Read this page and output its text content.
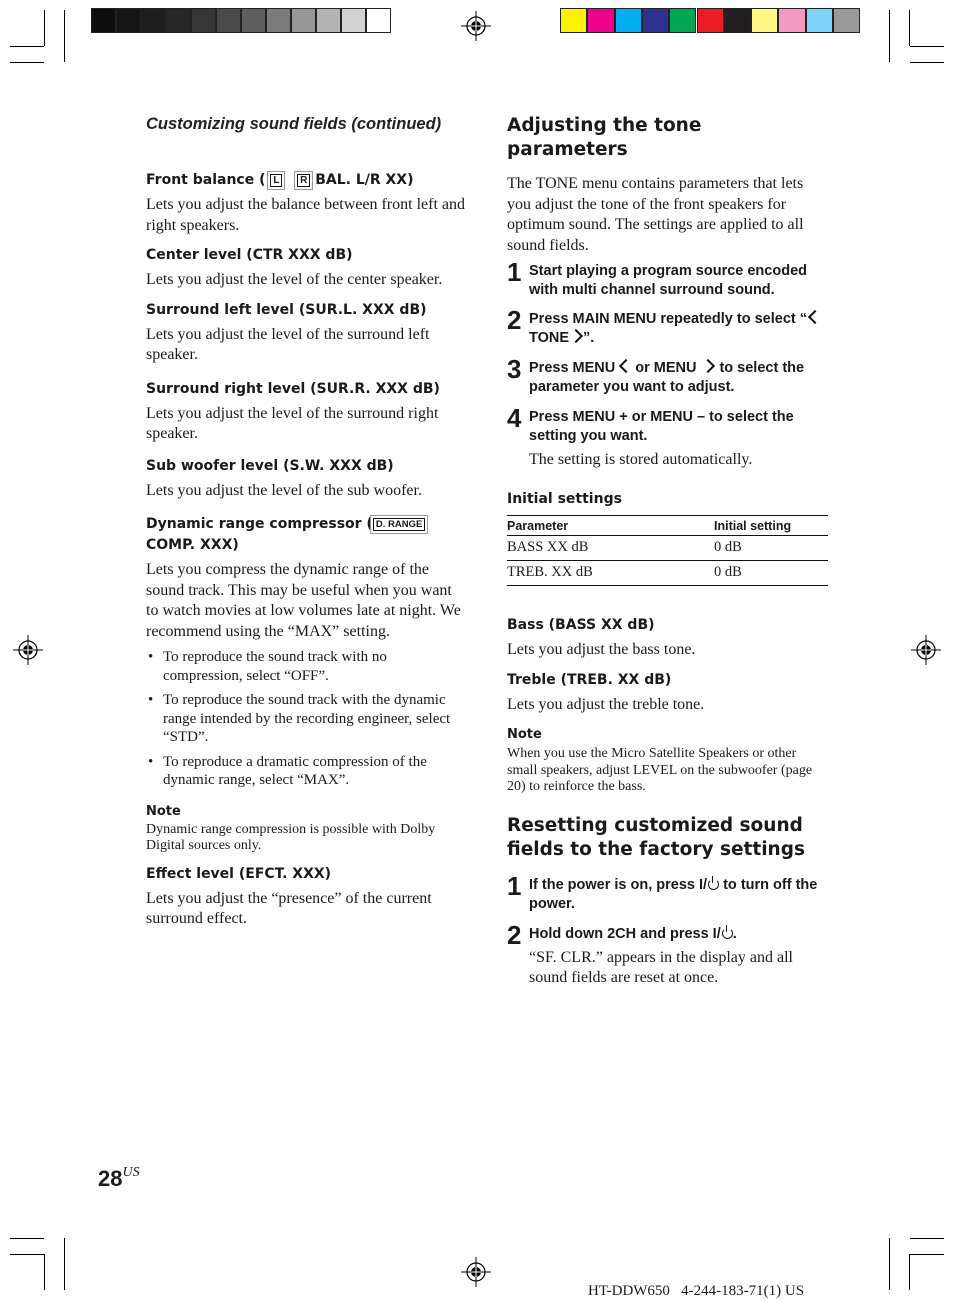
Customizing sound fields (continued)
Front balance ( L R BAL. L/R XX)
Lets you adjust the balance between front left and right speakers.
Center level (CTR XXX dB)
Lets you adjust the level of the center speaker.
Surround left level (SUR.L. XXX dB)
Lets you adjust the level of the surround left speaker.
Surround right level (SUR.R. XXX dB)
Lets you adjust the level of the surround right speaker.
Sub woofer level (S.W. XXX dB)
Lets you adjust the level of the sub woofer.
Dynamic range compressor ( D. RANGE
COMP. XXX)
Lets you compress the dynamic range of the sound track. This may be useful when you want to watch movies at low volumes late at night. We recommend using the “MAX” setting.
• To reproduce the sound track with no compression, select “OFF”.
• To reproduce the sound track with the dynamic range intended by the recording engineer, select “STD”.
• To reproduce a dramatic compression of the dynamic range, select “MAX”.
Note
Dynamic range compression is possible with Dolby Digital sources only.
Effect level (EFCT. XXX)
Lets you adjust the “presence” of the current surround effect.
Adjusting the tone parameters
The TONE menu contains parameters that lets you adjust the tone of the front speakers for optimum sound. The settings are applied to all sound fields.
1 Start playing a program source encoded with multi channel surround sound.
2 Press MAIN MENU repeatedly to select “TONE ”.
3 Press MENU or MENU to select the parameter you want to adjust.
4 Press MENU + or MENU – to select the setting you want.
The setting is stored automatically.
Initial settings
Parameter	Initial setting
BASS XX dB	0 dB
TREB. XX dB	0 dB
Bass (BASS XX dB)
Lets you adjust the bass tone.
Treble (TREB. XX dB)
Lets you adjust the treble tone.
Note
When you use the Micro Satellite Speakers or other small speakers, adjust LEVEL on the subwoofer (page 20) to reinforce the bass.
Resetting customized sound fields to the factory settings
1 If the power is on, press I/ to turn off the power.
2 Hold down 2CH and press I/ .
“SF. CLR.” appears in the display and all sound fields are reset at once.
28US
HT-DDW650   4-244-183-71(1) US
